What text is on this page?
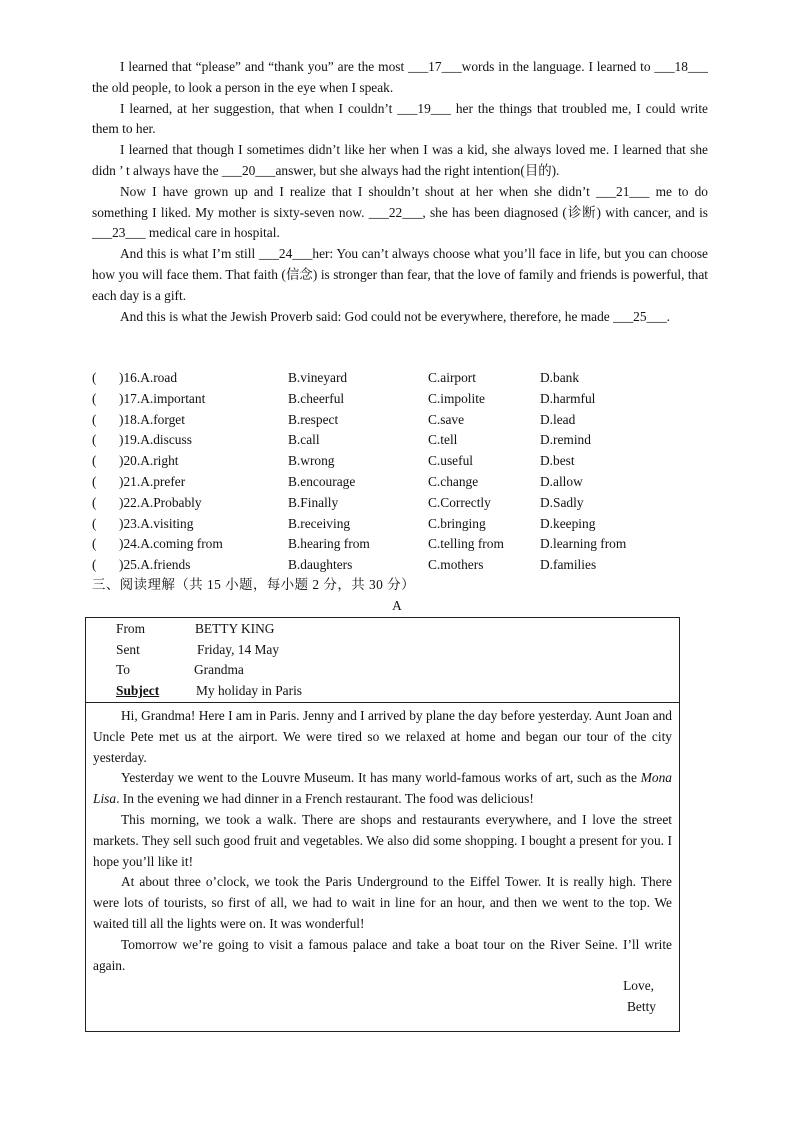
I learned that “please” and “thank you” are the most ___17___words in the language. I learned to ___18___ the old people, to look a person in the eye when I speak.

I learned, at her suggestion, that when I couldn’t ___19___ her the things that troubled me, I could write them to her.

I learned that though I sometimes didn’t like her when I was a kid, she always loved me. I learned that she didn ’ t always have the ___20___answer, but she always had the right intention(目的).

Now I have grown up and I realize that I shouldn’t shout at her when she didn’t ___21___ me to do something I liked. My mother is sixty-seven now. ___22___, she has been diagnosed (诊断) with cancer, and is ___23___ medical care in hospital.

And this is what I’m still ___24___her: You can’t always choose what you’ll face in life, but you can choose how you will face them. That faith (信念) is stronger than fear, that the love of family and friends is powerful, that each day is a gift.

And this is what the Jewish Proverb said: God could not be everywhere, therefore, he made ___25___.

( )16.A.road	B.vineyard	C.airport	D.bank
( )17.A.important	B.cheerful	C.impolite	D.harmful
( )18.A.forget	B.respect	C.save	D.lead
( )19.A.discuss	B.call	C.tell	D.remind
( )20.A.right	B.wrong	C.useful	D.best
( )21.A.prefer	B.encourage	C.change	D.allow
( )22.A.Probably	B.Finally	C.Correctly	D.Sadly
( )23.A.visiting	B.receiving	C.bringing	D.keeping
( )24.A.coming from	B.hearing from	C.telling from	D.learning from
( )25.A.friends	B.daughters	C.mothers	D.families
三、阅读理解（共 15 小题，每小题 2 分，共 30 分）
A
From	BETTY KING
Sent	Friday, 14 May
To	Grandma
Subject	My holiday in Paris

Hi, Grandma! Here I am in Paris. Jenny and I arrived by plane the day before yesterday. Aunt Joan and Uncle Pete met us at the airport. We were tired so we relaxed at home and began our tour of the city yesterday.

Yesterday we went to the Louvre Museum. It has many world-famous works of art, such as the Mona Lisa. In the evening we had dinner in a French restaurant. The food was delicious!

This morning, we took a walk. There are shops and restaurants everywhere, and I love the street markets. They sell such good fruit and vegetables. We also did some shopping. I bought a present for you. I hope you’ll like it!

At about three o’clock, we took the Paris Underground to the Eiffel Tower. It is really high. There were lots of tourists, so first of all, we had to wait in line for an hour, and then we went to the top. We waited till all the lights were on. It was wonderful!

Tomorrow we’re going to visit a famous palace and take a boat tour on the River Seine. I’ll write again.

Love,
Betty
